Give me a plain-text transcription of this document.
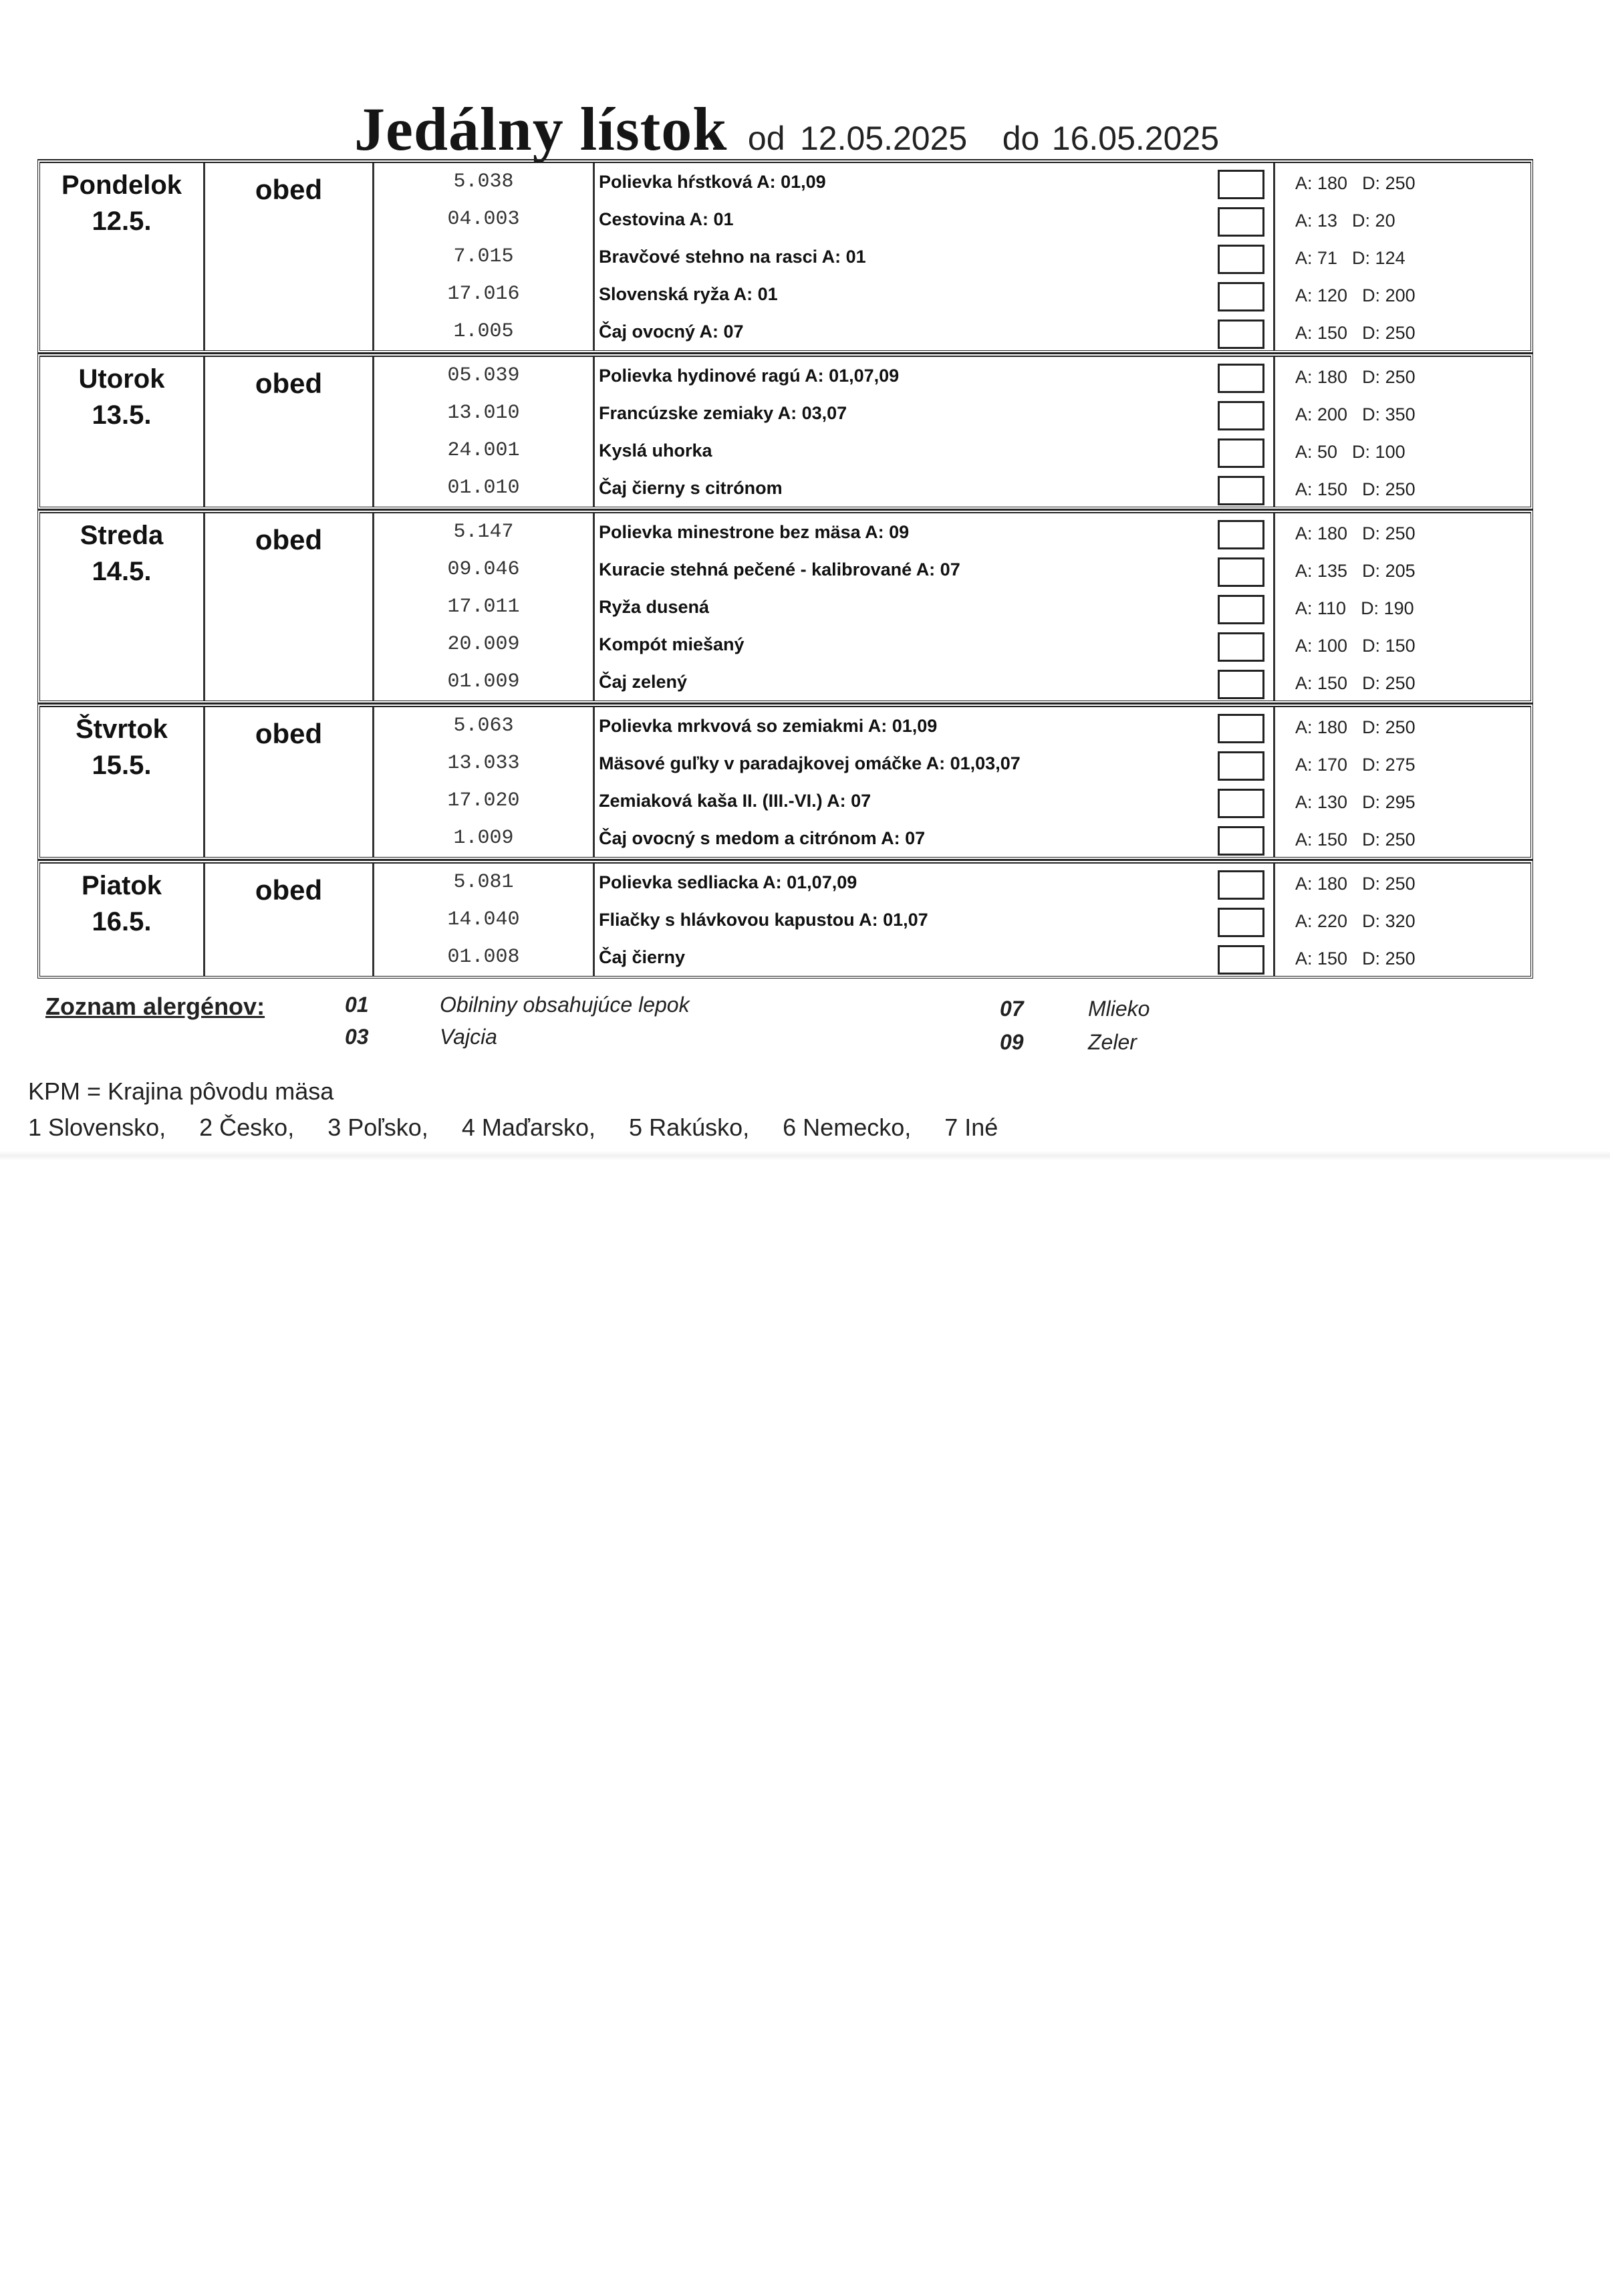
Jedálny lístok od 12.05.2025 do 16.05.2025
Pondelok
12.5.
obed	5.038	Polievka hŕstková A: 01,09	A: 180 D: 250
04.003	Cestovina A: 01	A: 13 D: 20
7.015	Bravčové stehno na rasci A: 01	A: 71 D: 124
17.016	Slovenská ryža A: 01	A: 120 D: 200
1.005	Čaj ovocný A: 07	A: 150 D: 250
Utorok
13.5.
obed	05.039	Polievka hydinové ragú A: 01,07,09	A: 180 D: 250
13.010	Francúzske zemiaky A: 03,07	A: 200 D: 350
24.001	Kyslá uhorka	A: 50 D: 100
01.010	Čaj čierny s citrónom	A: 150 D: 250
Streda
14.5.
obed	5.147	Polievka minestrone bez mäsa A: 09	A: 180 D: 250
09.046	Kuracie stehná pečené - kalibrované A: 07	A: 135 D: 205
17.011	Ryža dusená	A: 110 D: 190
20.009	Kompót miešaný	A: 100 D: 150
01.009	Čaj zelený	A: 150 D: 250
Štvrtok
15.5.
obed	5.063	Polievka mrkvová so zemiakmi A: 01,09	A: 180 D: 250
13.033	Mäsové guľky v paradajkovej omáčke A: 01,03,07	A: 170 D: 275
17.020	Zemiaková kaša II. (III.-VI.) A: 07	A: 130 D: 295
1.009	Čaj ovocný s medom a citrónom A: 07	A: 150 D: 250
Piatok
16.5.
obed	5.081	Polievka sedliacka A: 01,07,09	A: 180 D: 250
14.040	Fliačky s hlávkovou kapustou A: 01,07	A: 220 D: 320
01.008	Čaj čierny	A: 150 D: 250
Zoznam alergénov:	01	Obilniny obsahujúce lepok	07	Mlieko
03	Vajcia	09	Zeler
KPM = Krajina pôvodu mäsa
1 Slovensko, 2 Česko, 3 Poľsko, 4 Maďarsko, 5 Rakúsko, 6 Nemecko, 7 Iné
